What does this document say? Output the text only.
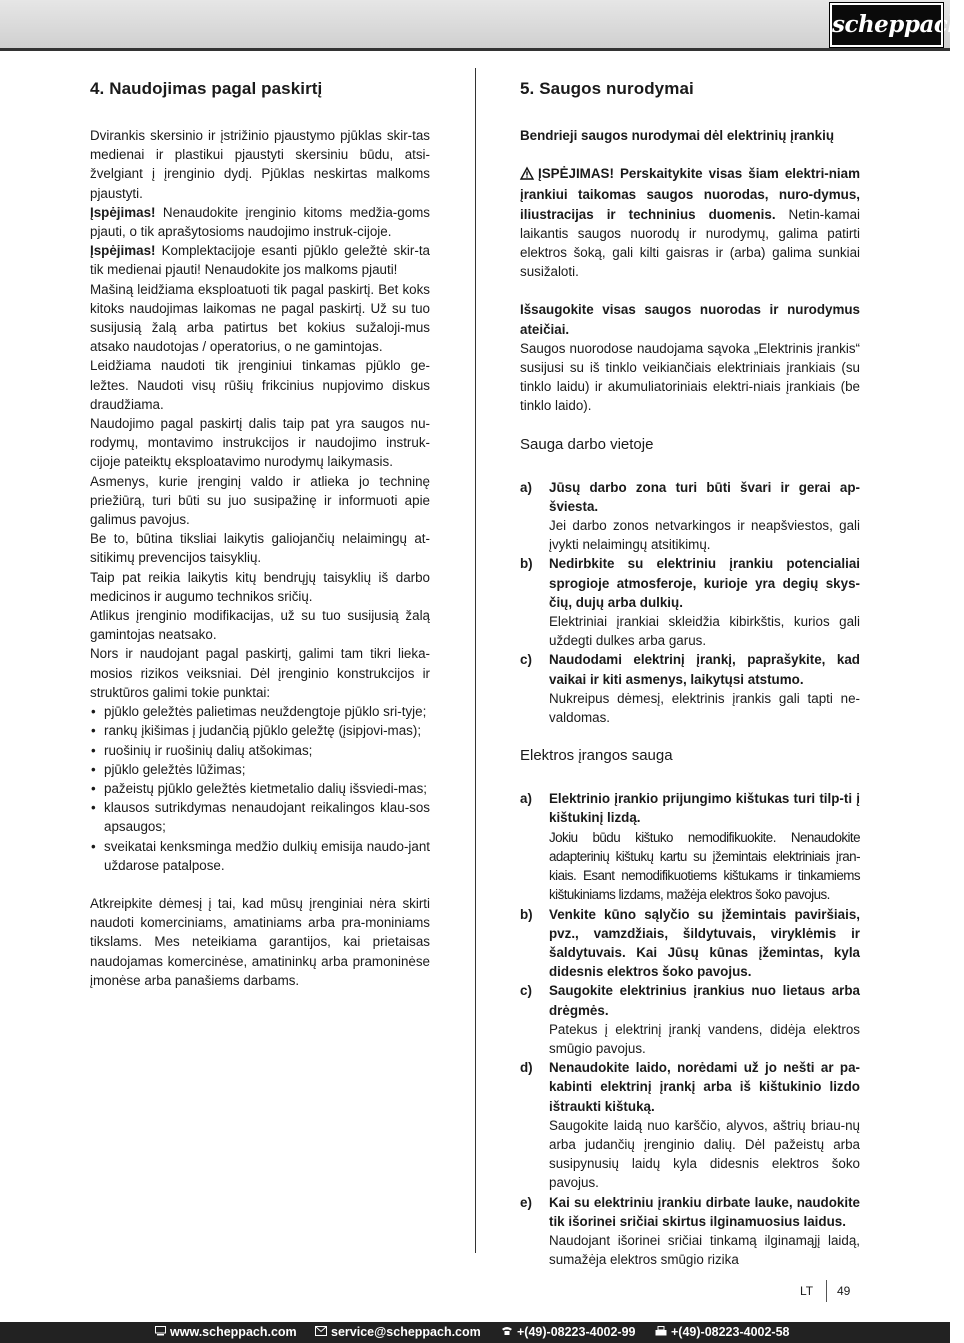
scheppach
4. Naudojimas pagal paskirtį

Dvirankis skersinio ir įstrižinio pjaustymo pjūklas skir-tas medienai ir plastikui pjaustyti skersiniu būdu, atsi-žvelgiant į įrenginio dydį. Pjūklas neskirtas malkoms pjaustyti.

Įspėjimas! Nenaudokite įrenginio kitoms medžia-goms pjauti, o tik aprašytosioms naudojimo instruk-cijoje.

Įspėjimas! Komplektacijoje esanti pjūklo geležtė skir-ta tik medienai pjauti! Nenaudokite jos malkoms pjauti!

Mašiną leidžiama eksploatuoti tik pagal paskirtį. Bet koks kitoks naudojimas laikomas ne pagal paskirtį. Už su tuo susijusią žalą arba patirtus bet kokius sužaloji-mus atsako naudotojas / operatorius, o ne gamintojas.

Leidžiama naudoti tik įrenginiui tinkamas pjūklo ge-ležtes. Naudoti visų rūšių frikcinius nupjovimo diskus draudžiama.

Naudojimo pagal paskirtį dalis taip pat yra saugos nu-rodymų, montavimo instrukcijos ir naudojimo instruk-cijoje pateiktų eksploatavimo nurodymų laikymasis.

Asmenys, kurie įrenginį valdo ir atlieka jo techninę priežiūrą, turi būti su juo susipažinę ir informuoti apie galimus pavojus.

Be to, būtina tiksliai laikytis galiojančių nelaimingų at-sitikimų prevencijos taisyklių.

Taip pat reikia laikytis kitų bendrųjų taisyklių iš darbo medicinos ir augumo technikos sričių.

Atlikus įrenginio modifikacijas, už su tuo susijusią žalą gamintojas neatsako.

Nors ir naudojant pagal paskirtį, galimi tam tikri lieka-mosios rizikos veiksniai. Dėl įrenginio konstrukcijos ir struktūros galimi tokie punktai:

• pjūklo geležtės palietimas neuždengtoje pjūklo sri-tyje;
• rankų įkišimas į judančią pjūklo geležtę (įsipjovi-mas);
• ruošinių ir ruošinių dalių atšokimas;
• pjūklo geležtės lūžimas;
• pažeistų pjūklo geležtės kietmetalio dalių išsviedi-mas;
• klausos sutrikdymas nenaudojant reikalingos klau-sos apsaugos;
• sveikatai kenksminga medžio dulkių emisija naudo-jant uždarose patalpose.

Atkreipkite dėmesį į tai, kad mūsų įrenginiai nėra skirti naudoti komerciniams, amatiniams arba pra-moniniams tikslams. Mes neteikiama garantijos, kai prietaisas naudojamas komercinėse, amatininkų arba pramoninėse įmonėse arba panašiems darbams.

5. Saugos nurodymai

Bendrieji saugos nurodymai dėl elektrinių įrankių

ĮSPĖJIMAS! Perskaitykite visas šiam elektri-niam įrankiui taikomas saugos nuorodas, nuro-dymus, iliustracijas ir techninius duomenis. Netin-kamai laikantis saugos nuorodų ir nurodymų, galima patirti elektros šoką, gali kilti gaisras ir (arba) galima sunkiai susižaloti.

Išsaugokite visas saugos nuorodas ir nurodymus ateičiai.

Saugos nuorodose naudojama sąvoka „Elektrinis įrankis“ susijusi su iš tinklo veikiančiais elektriniais įrankiais (su tinklo laidu) ir akumuliatoriniais elektri-niais įrankiais (be tinklo laido).

Sauga darbo vietoje
a)	Jūsų darbo zona turi būti švari ir gerai ap-šviesta.

Jei darbo zonos netvarkingos ir neapšviestos, gali įvykti nelaimingų atsitikimų.

b)	Nedirbkite su elektriniu įrankiu potencialiai sprogioje atmosferoje, kurioje yra degių skys-čių, dujų arba dulkių.

Elektriniai įrankiai skleidžia kibirkštis, kurios gali uždegti dulkes arba garus.

c)	Naudodami elektrinį įrankį, paprašykite, kad vaikai ir kiti asmenys, laikytųsi atstumo.

Nukreipus dėmesį, elektrinis įrankis gali tapti ne-valdomas.

Elektros įrangos sauga
a)	Elektrinio įrankio prijungimo kištukas turi tilp-ti į kištukinį lizdą.

Jokiu būdu kištuko nemodifikuokite. Nenaudokite adapterinių kištukų kartu su įžemintais elektriniais įran-kiais. Esant nemodifikuotiems kištukams ir tinkamiems kištukiniams lizdams, mažėja elektros šoko pavojus.

b)	Venkite kūno sąlyčio su įžemintais paviršiais, pvz., vamzdžiais, šildytuvais, viryklėmis ir šaldytuvais. Kai Jūsų kūnas įžemintas, kyla didesnis elektros šoko pavojus.

c)	Saugokite elektrinius įrankius nuo lietaus arba drėgmės.

Patekus į elektrinį įrankį vandens, didėja elektros smūgio pavojus.

d)	Nenaudokite laido, norėdami už jo nešti ar pa-kabinti elektrinį įrankį arba iš kištukinio lizdo ištraukti kištuką.

Saugokite laidą nuo karščio, alyvos, aštrių briau-nų arba judančių įrenginio dalių. Dėl pažeistų arba susipynusių laidų kyla didesnis elektros šoko pavojus.

e)	Kai su elektriniu įrankiu dirbate lauke, naudokite tik išorinei sričiai skirtus ilginamuosius laidus.

Naudojant išorinei sričiai tinkamą ilginamąjį laidą, sumažėja elektros smūgio rizika

LT 49
www.scheppach.com	service@scheppach.com	+(49)-08223-4002-99	+(49)-08223-4002-58
